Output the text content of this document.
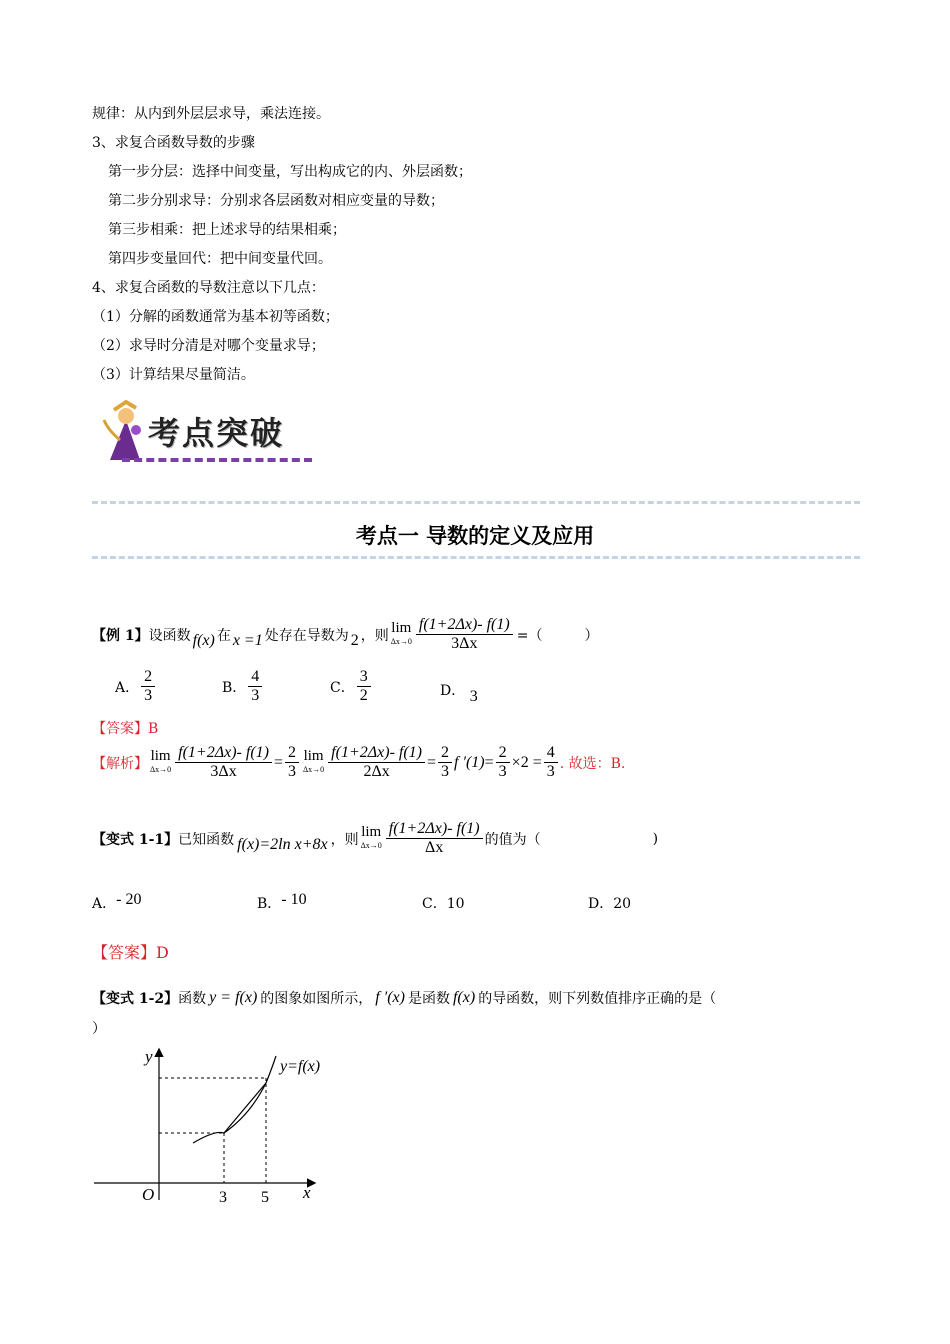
规律：从内到外层层求导，乘法连接。
3、求复合函数导数的步骤
第一步分层：选择中间变量，写出构成它的内、外层函数；
第二步分别求导：分别求各层函数对相应变量的导数；
第三步相乘：把上述求导的结果相乘；
第四步变量回代：把中间变量代回。
4、求复合函数的导数注意以下几点：
（1）分解的函数通常为基本初等函数；
（2）求导时分清是对哪个变量求导；
（3）计算结果尽量简洁。
考点突破
考点一 导数的定义及应用
【例 1】 设函数 f(x) 在 x =1 处存在导数为 2 ，则 lim
$\Delta x\to 0 \frac{f(1+2\Delta x)- f(1)}{3\Delta x}$ =（　　　）
A． $\frac{2}{3}$	B． $\frac{4}{3}$	C． $\frac{3}{2}$	D． 3
【答案】B
【解析】 lim
$\Delta x\to 0 \frac{f(1+2\Delta x)- f(1)}{3\Delta x} = \frac{2}{3}$ lim
$\Delta x\to 0 \frac{f(1+2\Delta x)- f(1)}{2\Delta x} = \frac{2}{3}$ f $'(1) = \frac{2}{3} \times 2 = \frac{4}{3}$ . 故选：B.
【变式 1-1】 已知函数 f(x)=2ln x+8x ，则 lim
$\Delta x\to 0 \frac{f(1+2\Delta x)- f(1)}{\Delta x}$ 的值为（	)
A．- 20	B．- 10	C．10	D．20
【答案】D
【变式 1-2】 函数 y = f(x) 的图象如图所示， f ′(x) 是函数 f(x) 的导函数，则下列数值排序正确的是（
）
y
x
O	3 5
y=f(x)
